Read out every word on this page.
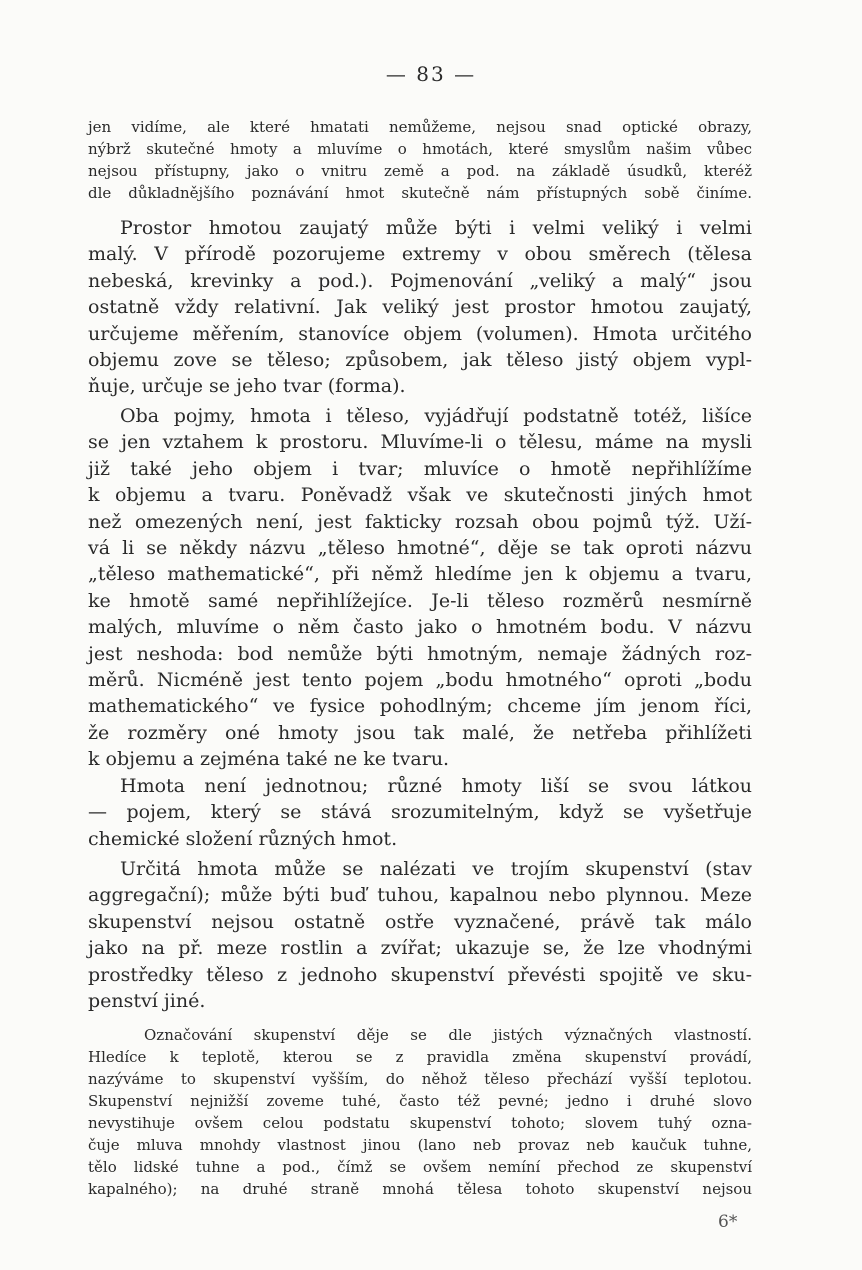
— 83 —
jen vidíme, ale které hmatati nemůžeme, nejsou snad optické obrazy,
nýbrž skutečné hmoty a mluvíme o hmotách, které smyslům našim vůbec
nejsou přístupny, jako o vnitru země a pod. na základě úsudků, kteréž
dle důkladnějšího poznávání hmot skutečně nám přístupných sobě činíme.
Prostor hmotou zaujatý může býti i velmi veliký i velmi
malý. V přírodě pozorujeme extremy v obou směrech (tělesa
nebeská, krevinky a pod.). Pojmenování „veliký a malý“ jsou
ostatně vždy relativní. Jak veliký jest prostor hmotou zaujatý,
určujeme měřením, stanovíce objem (volumen). Hmota určitého
objemu zove se těleso; způsobem, jak těleso jistý objem vypl-
ňuje, určuje se jeho tvar (forma).
Oba pojmy, hmota i těleso, vyjádřují podstatně totéž, lišíce
se jen vztahem k prostoru. Mluvíme-li o tělesu, máme na mysli
již také jeho objem i tvar; mluvíce o hmotě nepřihlížíme
k objemu a tvaru. Poněvadž však ve skutečnosti jiných hmot
než omezených není, jest fakticky rozsah obou pojmů týž. Uží-
vá li se někdy názvu „těleso hmotné“, děje se tak oproti názvu
„těleso mathematické“, při němž hledíme jen k objemu a tvaru,
ke hmotě samé nepřihlížejíce. Je-li těleso rozměrů nesmírně
malých, mluvíme o něm často jako o hmotném bodu. V názvu
jest neshoda: bod nemůže býti hmotným, nemaje žádných roz-
měrů. Nicméně jest tento pojem „bodu hmotného“ oproti „bodu
mathematického“ ve fysice pohodlným; chceme jím jenom říci,
že rozměry oné hmoty jsou tak malé, že netřeba přihlížeti
k objemu a zejména také ne ke tvaru.
Hmota není jednotnou; různé hmoty liší se svou látkou
— pojem, který se stává srozumitelným, když se vyšetřuje
chemické složení různých hmot.
Určitá hmota může se nalézati ve trojím skupenství (stav
aggregační); může býti buď tuhou, kapalnou nebo plynnou. Meze
skupenství nejsou ostatně ostře vyznačené, právě tak málo
jako na př. meze rostlin a zvířat; ukazuje se, že lze vhodnými
prostředky těleso z jednoho skupenství převésti spojitě ve sku-
penství jiné.
Označování skupenství děje se dle jistých význačných vlastností.
Hledíce k teplotě, kterou se z pravidla změna skupenství provádí,
nazýváme to skupenství vyšším, do něhož těleso přechází vyšší teplotou.
Skupenství nejnižší zoveme tuhé, často též pevné; jedno i druhé slovo
nevystihuje ovšem celou podstatu skupenství tohoto; slovem tuhý ozna-
čuje mluva mnohdy vlastnost jinou (lano neb provaz neb kaučuk tuhne,
tělo lidské tuhne a pod., čímž se ovšem nemíní přechod ze skupenství
kapalného); na druhé straně mnohá tělesa tohoto skupenství nejsou
6*
